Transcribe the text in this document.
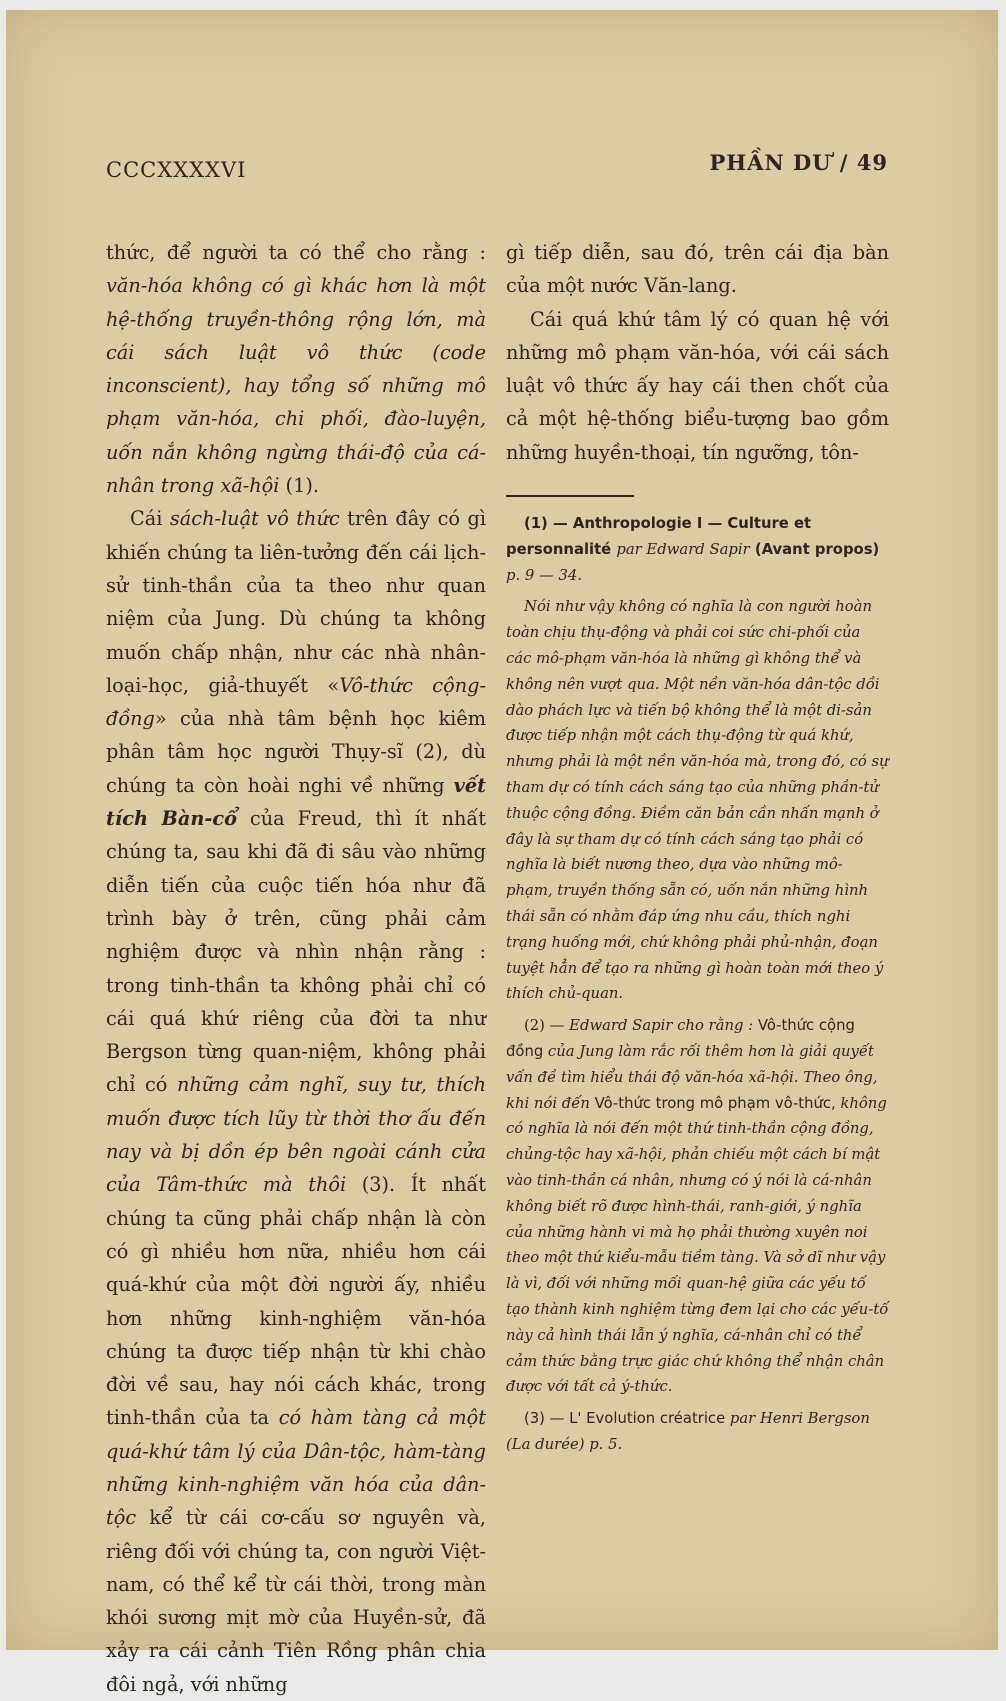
CCCXXXXVI	PHẦN DƯ / 49

thức, để người ta có thể cho rằng : văn-hóa không có gì khác hơn là một hệ-thống truyền-thông rộng lớn, mà cái sách luật vô thức (code inconscient), hay tổng số những mô phạm văn-hóa, chi phối, đào-luyện, uốn nắn không ngừng thái-độ của cá-nhân trong xã-hội (1).

Cái sách-luật vô thức trên đây có gì khiến chúng ta liên-tưởng đến cái lịch-sử tinh-thần của ta theo như quan niệm của Jung. Dù chúng ta không muốn chấp nhận, như các nhà nhân-loại-học, giả-thuyết «Vô-thức cộng-đồng» của nhà tâm bệnh học kiêm phân tâm học người Thụy-sĩ (2), dù chúng ta còn hoài nghi về những vết tích Bàn-cổ của Freud, thì ít nhất chúng ta, sau khi đã đi sâu vào những diễn tiến của cuộc tiến hóa như đã trình bày ở trên, cũng phải cảm nghiệm được và nhìn nhận rằng : trong tinh-thần ta không phải chỉ có cái quá khứ riêng của đời ta như Bergson từng quan-niệm, không phải chỉ có những cảm nghĩ, suy tư, thích muốn được tích lũy từ thời thơ ấu đến nay và bị dồn ép bên ngoài cánh cửa của Tâm-thức mà thôi (3). Ít nhất chúng ta cũng phải chấp nhận là còn có gì nhiều hơn nữa, nhiều hơn cái quá-khứ của một đời người ấy, nhiều hơn những kinh-nghiệm văn-hóa chúng ta được tiếp nhận từ khi chào đời về sau, hay nói cách khác, trong tinh-thần của ta có hàm tàng cả một quá-khứ tâm lý của Dân-tộc, hàm-tàng những kinh-nghiệm văn hóa của dân-tộc kể từ cái cơ-cấu sơ nguyên và, riêng đối với chúng ta, con người Việt-nam, có thể kể từ cái thời, trong màn khói sương mịt mờ của Huyền-sử, đã xảy ra cái cảnh Tiên Rồng phân chia đôi ngả, với những

gì tiếp diễn, sau đó, trên cái địa bàn của một nước Văn-lang.

Cái quá khứ tâm lý có quan hệ với những mô phạm văn-hóa, với cái sách luật vô thức ấy hay cái then chốt của cả một hệ-thống biểu-tượng bao gồm những huyền-thoại, tín ngưỡng, tôn-

(1) — Anthropologie I — Culture et personnalité par Edward Sapir (Avant propos) p. 9 — 34.

Nói như vậy không có nghĩa là con người hoàn toàn chịu thụ-động và phải coi sức chi-phối của các mô-phạm văn-hóa là những gì không thể và không nên vượt qua. Một nền văn-hóa dân-tộc dồi dào phách lực và tiến bộ không thể là một di-sản được tiếp nhận một cách thụ-động từ quá khứ, nhưng phải là một nền văn-hóa mà, trong đó, có sự tham dự có tính cách sáng tạo của những phần-tử thuộc cộng đồng. Điềm căn bản cần nhấn mạnh ở đây là sự tham dự có tính cách sáng tạo phải có nghĩa là biết nương theo, dựa vào những mô-phạm, truyền thống sẵn có, uốn nắn những hình thái sẵn có nhằm đáp ứng nhu cầu, thích nghi trạng huống mới, chứ không phải phủ-nhận, đoạn tuyệt hẳn để tạo ra những gì hoàn toàn mới theo ý thích chủ-quan.

(2) — Edward Sapir cho rằng : Vô-thức cộng đồng của Jung làm rắc rối thêm hơn là giải quyết vấn đề tìm hiểu thái độ văn-hóa xã-hội. Theo ông, khi nói đến Vô-thức trong mô phạm vô-thức, không có nghĩa là nói đến một thứ tinh-thần cộng đồng, chủng-tộc hay xã-hội, phản chiếu một cách bí mật vào tinh-thần cá nhân, nhưng có ý nói là cá-nhân không biết rõ được hình-thái, ranh-giới, ý nghĩa của những hành vi mà họ phải thường xuyên noi theo một thứ kiểu-mẫu tiềm tàng. Và sở dĩ như vậy là vì, đối với những mối quan-hệ giữa các yếu tố tạo thành kinh nghiệm từng đem lại cho các yếu-tố này cả hình thái lẫn ý nghĩa, cá-nhân chỉ có thể cảm thức bằng trực giác chứ không thể nhận chân được với tất cả ý-thức.

(3) — L' Evolution créatrice par Henri Bergson (La durée) p. 5.
